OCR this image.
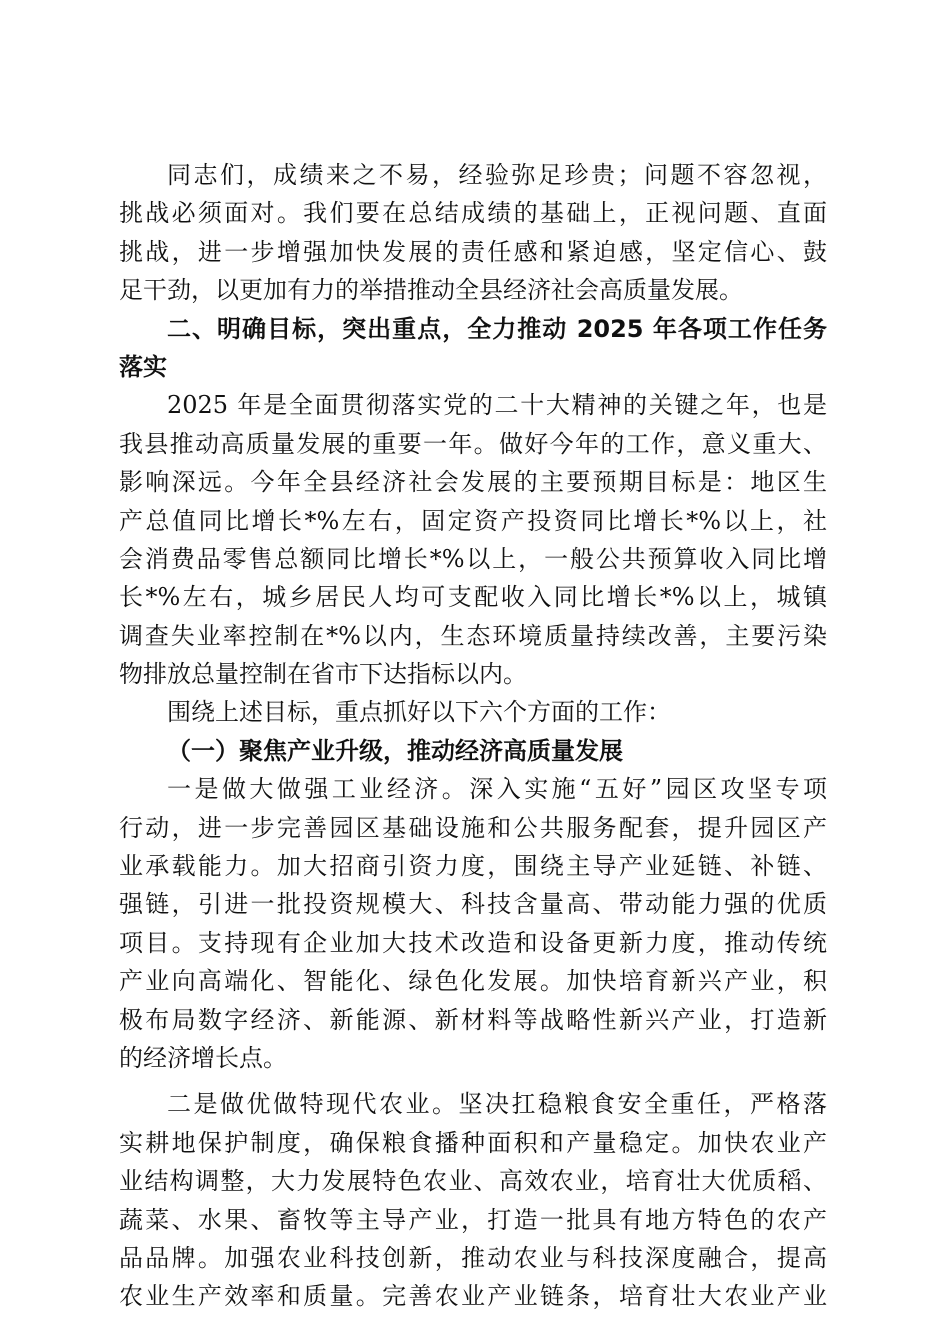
同志们，成绩来之不易，经验弥足珍贵；问题不容忽视，
挑战必须面对。我们要在总结成绩的基础上，正视问题、直面
挑战，进一步增强加快发展的责任感和紧迫感，坚定信心、鼓
足干劲，以更加有力的举措推动全县经济社会高质量发展。
二、明确目标，突出重点，全力推动 2025 年各项工作任务
落实
2025 年是全面贯彻落实党的二十大精神的关键之年，也是
我县推动高质量发展的重要一年。做好今年的工作，意义重大、
影响深远。今年全县经济社会发展的主要预期目标是：地区生
产总值同比增长*%左右，固定资产投资同比增长*%以上，社
会消费品零售总额同比增长*%以上，一般公共预算收入同比增
长*%左右，城乡居民人均可支配收入同比增长*%以上，城镇
调查失业率控制在*%以内，生态环境质量持续改善，主要污染
物排放总量控制在省市下达指标以内。
围绕上述目标，重点抓好以下六个方面的工作：
（一）聚焦产业升级，推动经济高质量发展
一是做大做强工业经济。深入实施“五好”园区攻坚专项
行动，进一步完善园区基础设施和公共服务配套，提升园区产
业承载能力。加大招商引资力度，围绕主导产业延链、补链、
强链，引进一批投资规模大、科技含量高、带动能力强的优质
项目。支持现有企业加大技术改造和设备更新力度，推动传统
产业向高端化、智能化、绿色化发展。加快培育新兴产业，积
极布局数字经济、新能源、新材料等战略性新兴产业，打造新
的经济增长点。
二是做优做特现代农业。坚决扛稳粮食安全重任，严格落
实耕地保护制度，确保粮食播种面积和产量稳定。加快农业产
业结构调整，大力发展特色农业、高效农业，培育壮大优质稻、
蔬菜、水果、畜牧等主导产业，打造一批具有地方特色的农产
品品牌。加强农业科技创新，推动农业与科技深度融合，提高
农业生产效率和质量。完善农业产业链条，培育壮大农业产业
